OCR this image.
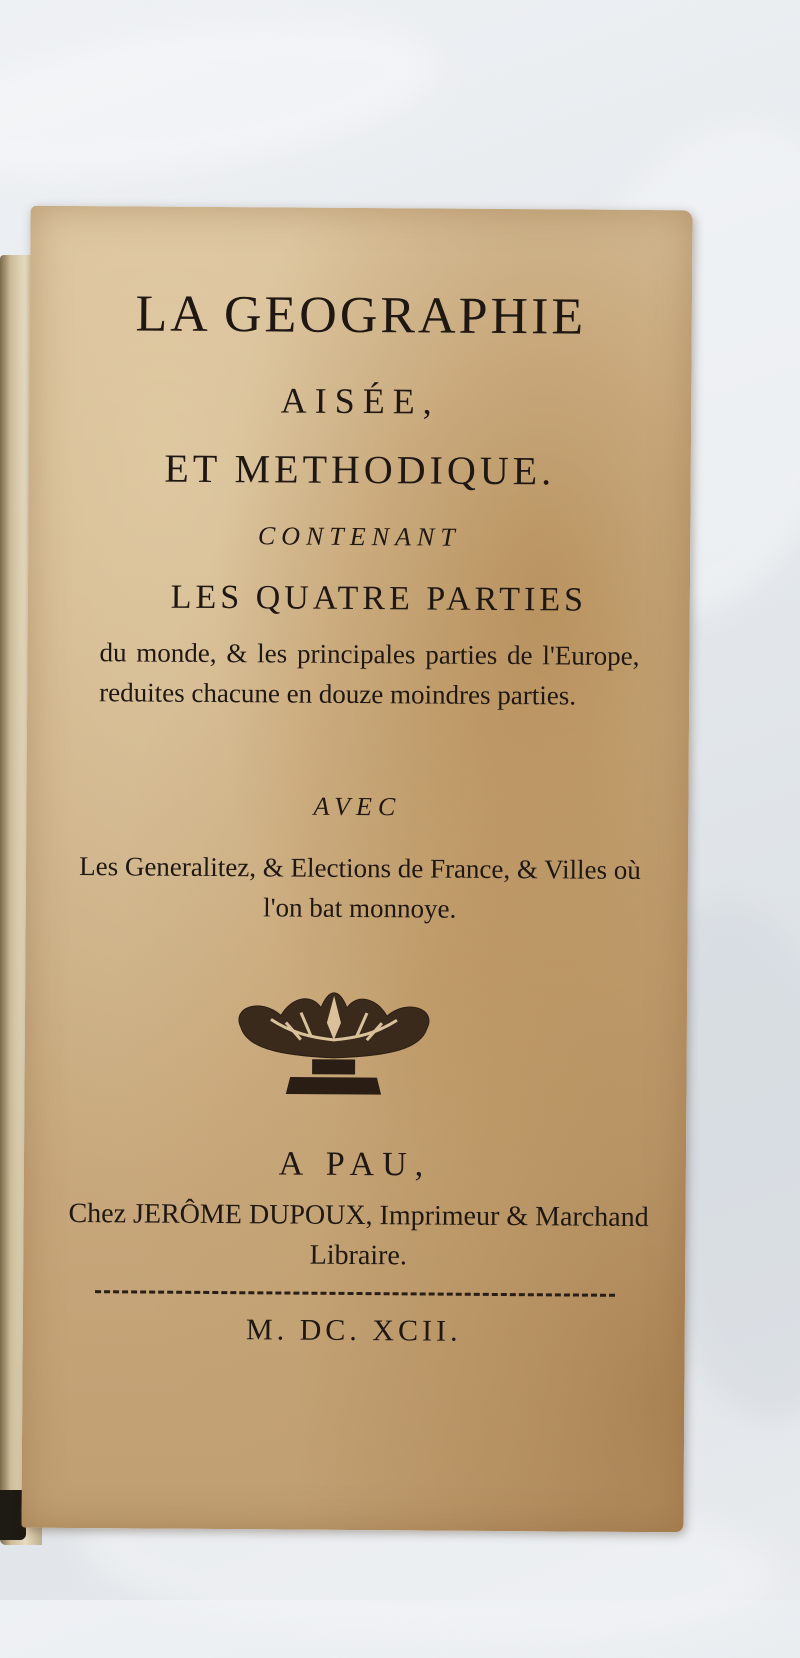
LA GEOGRAPHIE
AISÉE,
ET METHODIQUE.
CONTENANT
LES QUATRE PARTIES
du monde, & les principales parties de l'Europe, reduites chacune en douze moindres parties.
AVEC
Les Generalitez, & Elections de France, & Villes où l'on bat monnoye.
A PAU,
Chez JERÔME DUPOUX, Imprimeur & Marchand Libraire.
M. DC. XCII.
